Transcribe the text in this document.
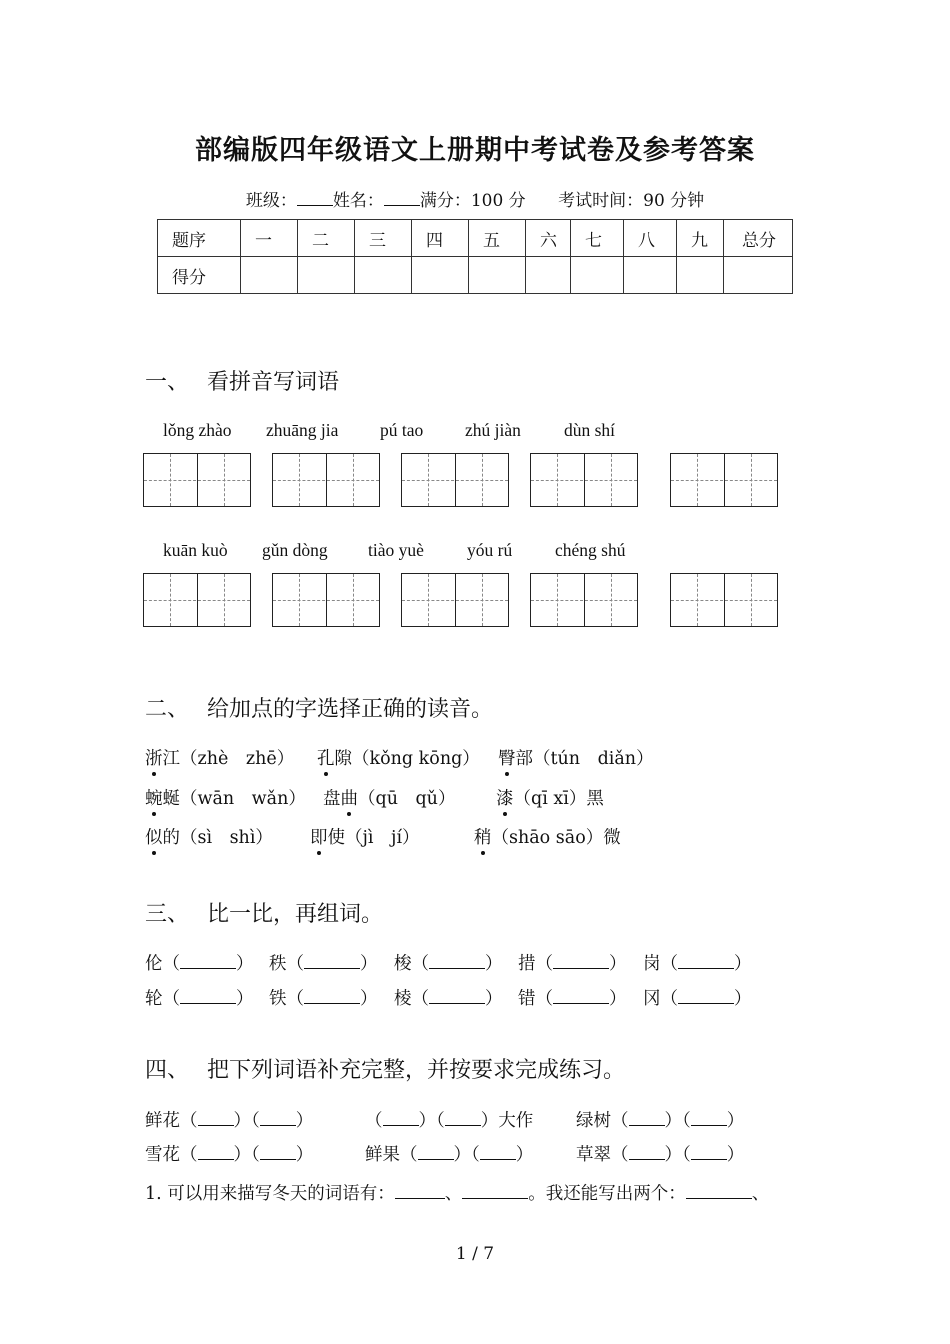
部编版四年级语文上册期中考试卷及参考答案
班级： 姓名： 满分：100 分 考试时间：90 分钟
题序	一	二	三	四	五	六	七	八	九	总分
得分										
一、 看拼音写词语
lǒng zhào zhuāng jia pú tao zhú jiàn dùn shí
kuān kuò gǔn dòng tiào yuè yóu rú chéng shú
二、 给加点的字选择正确的读音。
浙江（zhè　zhē） 孔隙（kǒng kōng） 臀部（tún　diǎn）
蜿蜒（wān　wǎn） 盘曲（qū　qǔ） 漆（qī xī）黑
似的（sì　shì） 即使（jì　jí）	稍（shāo sāo）微
三、 比一比，再组词。
伦（	） 秩（	） 梭（	） 措（	） 岗（	）
轮（	） 铁（	） 棱（	） 错（	） 冈（	）
四、 把下列词语补充完整，并按要求完成练习。
鲜花（ ）（ ）	（ ）（ ）大作 绿树（ ）（ ）
雪花（ ）（ ）	鲜果（ ）（ ） 草翠（ ）（ ）
1. 可以用来描写冬天的词语有：	、	。我还能写出两个：	、
1 / 7
